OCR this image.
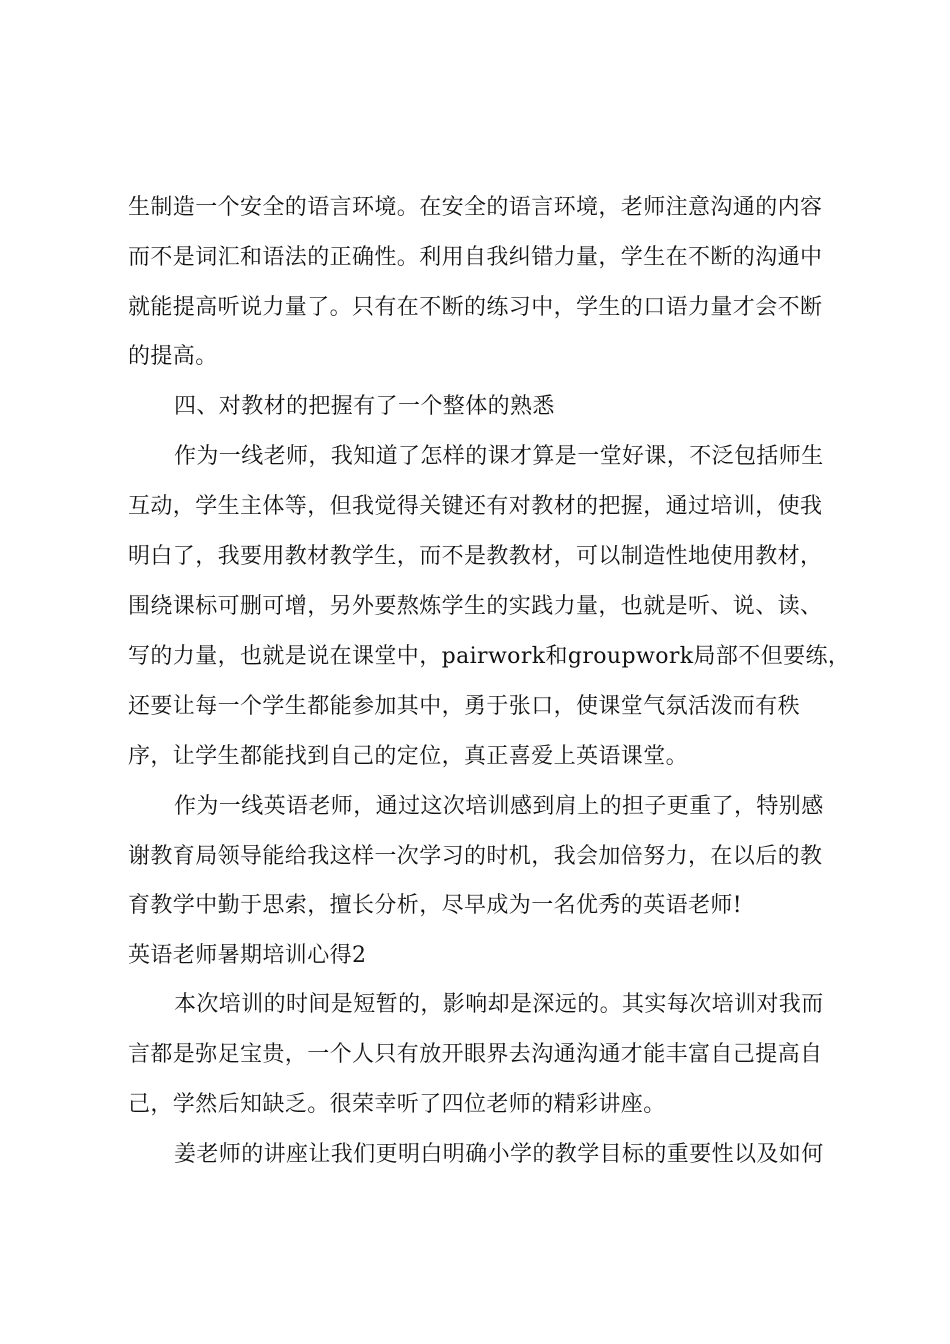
生制造一个安全的语言环境。在安全的语言环境，老师注意沟通的内容
而不是词汇和语法的正确性。利用自我纠错力量，学生在不断的沟通中
就能提高听说力量了。只有在不断的练习中，学生的口语力量才会不断
的提高。
四、对教材的把握有了一个整体的熟悉
作为一线老师，我知道了怎样的课才算是一堂好课，不泛包括师生
互动，学生主体等，但我觉得关键还有对教材的把握，通过培训，使我
明白了，我要用教材教学生，而不是教教材，可以制造性地使用教材，
围绕课标可删可增，另外要熬炼学生的实践力量，也就是听、说、读、
写的力量，也就是说在课堂中，pairwork和groupwork局部不但要练，
还要让每一个学生都能参加其中，勇于张口，使课堂气氛活泼而有秩
序，让学生都能找到自己的定位，真正喜爱上英语课堂。
作为一线英语老师，通过这次培训感到肩上的担子更重了，特别感
谢教育局领导能给我这样一次学习的时机，我会加倍努力，在以后的教
育教学中勤于思索，擅长分析，尽早成为一名优秀的英语老师!
英语老师暑期培训心得2
本次培训的时间是短暂的，影响却是深远的。其实每次培训对我而
言都是弥足宝贵，一个人只有放开眼界去沟通沟通才能丰富自己提高自
己，学然后知缺乏。很荣幸听了四位老师的精彩讲座。
姜老师的讲座让我们更明白明确小学的教学目标的重要性以及如何
